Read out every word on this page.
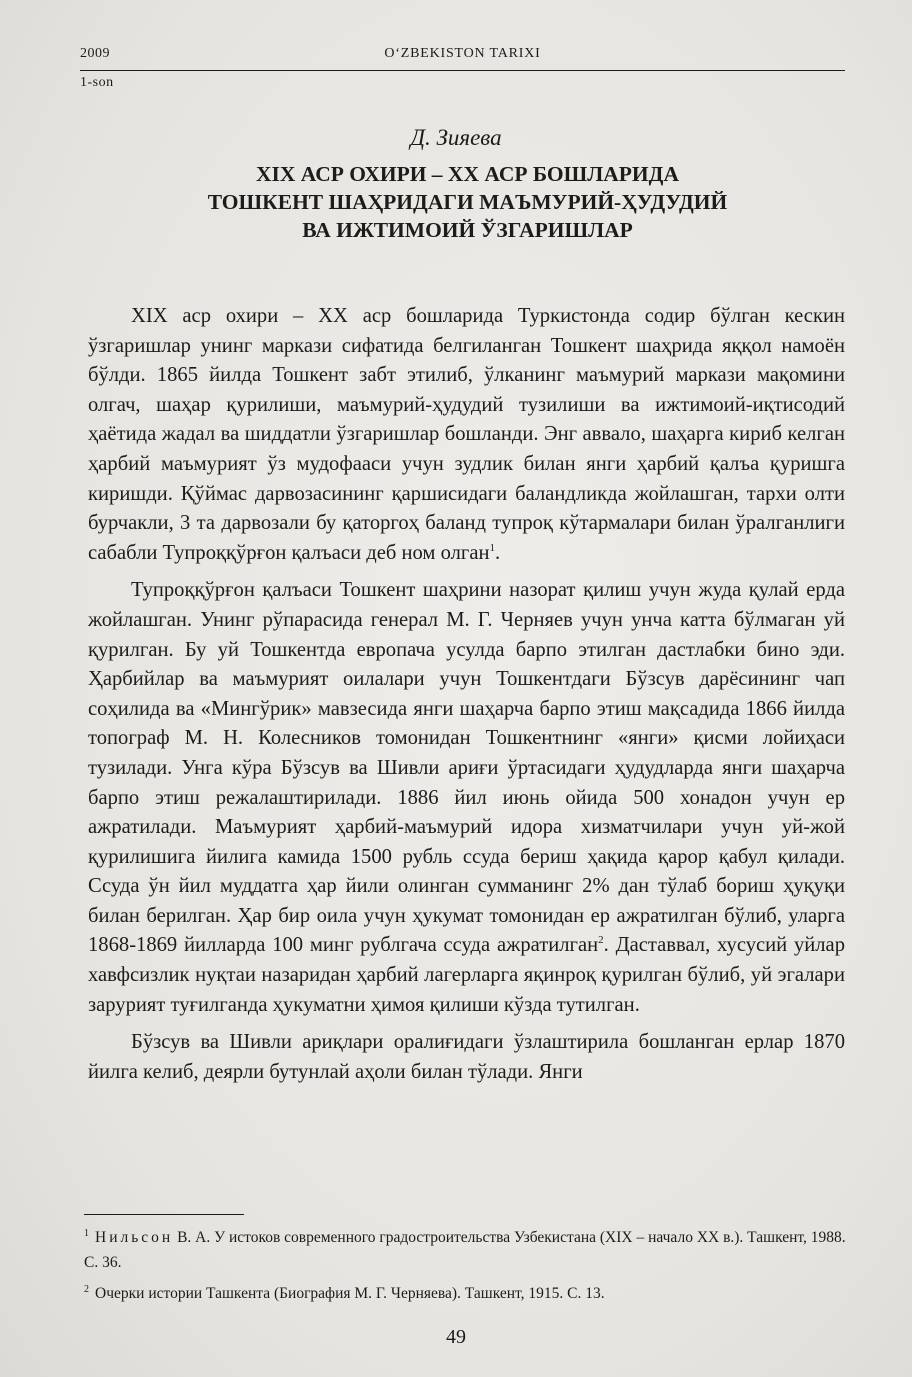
2009	O‘ZBEKISTON TARIXI
1-son
Д. Зияева
XIX АСР ОХИРИ – XX АСР БОШЛАРИДА
ТОШКЕНТ ШАҲРИДАГИ МАЪМУРИЙ-ҲУДУДИЙ
ВА ИЖТИМОИЙ ЎЗГАРИШЛАР

XIX аср охири – XX аср бошларида Туркистонда содир бўлган кескин ўзгаришлар унинг маркази сифатида белгиланган Тошкент шаҳрида яққол намоён бўлди. 1865 йилда Тошкент забт этилиб, ўлканинг маъмурий маркази мақомини олгач, шаҳар қурилиши, маъмурий-ҳудудий тузилиши ва ижтимоий-иқтисодий ҳаётида жадал ва шиддатли ўзгаришлар бошланди. Энг аввало, шаҳарга кириб келган ҳарбий маъмурият ўз мудофааси учун зудлик билан янги ҳарбий қалъа қуришга киришди. Қўймас дарвозасининг қаршисидаги баландликда жойлашган, тархи олти бурчакли, 3 та дарвозали бу қаторгоҳ баланд тупроқ кўтармалари билан ўралганлиги сабабли Тупроққўрғон қалъаси деб ном олган$^1$.

Тупроққўрғон қалъаси Тошкент шаҳрини назорат қилиш учун жуда қулай ерда жойлашган. Унинг рўпарасида генерал М. Г. Черняев учун унча катта бўлмаган уй қурилган. Бу уй Тошкентда европача усулда барпо этилган дастлабки бино эди. Ҳарбийлар ва маъмурият оилалари учун Тошкентдаги Бўзсув дарёсининг чап соҳилида ва «Мингўрик» мавзесида янги шаҳарча барпо этиш мақсадида 1866 йилда топограф М. Н. Колесников томонидан Тошкентнинг «янги» қисми лойиҳаси тузилади. Унга кўра Бўзсув ва Шивли ариғи ўртасидаги ҳудудларда янги шаҳарча барпо этиш режалаштирилади. 1886 йил июнь ойида 500 хонадон учун ер ажратилади. Маъмурият ҳарбий-маъмурий идора хизматчилари учун уй-жой қурилишига йилига камида 1500 рубль ссуда бериш ҳақида қарор қабул қилади. Ссуда ўн йил муддатга ҳар йили олинган сумманинг 2% дан тўлаб бориш ҳуқуқи билан берилган. Ҳар бир оила учун ҳукумат томонидан ер ажратилган бўлиб, уларга 1868-1869 йилларда 100 минг рублгача ссуда ажратилган$^2$. Даставвал, хусусий уйлар хавфсизлик нуқтаи назаридан ҳарбий лагерларга яқинроқ қурилган бўлиб, уй эгалари зарурият туғилганда ҳукуматни ҳимоя қилиши кўзда тутилган.

Бўзсув ва Шивли ариқлари оралиғидаги ўзлаштирила бошланган ерлар 1870 йилга келиб, деярли бутунлай аҳоли билан тўлади. Янги

$^1$ Нильсон В. А. У истоков современного градостроительства Узбекистана (XIX – начало XX в.). Ташкент, 1988. С. 36.
$^2$ Очерки истории Ташкента (Биография М. Г. Черняева). Ташкент, 1915. С. 13.
49
